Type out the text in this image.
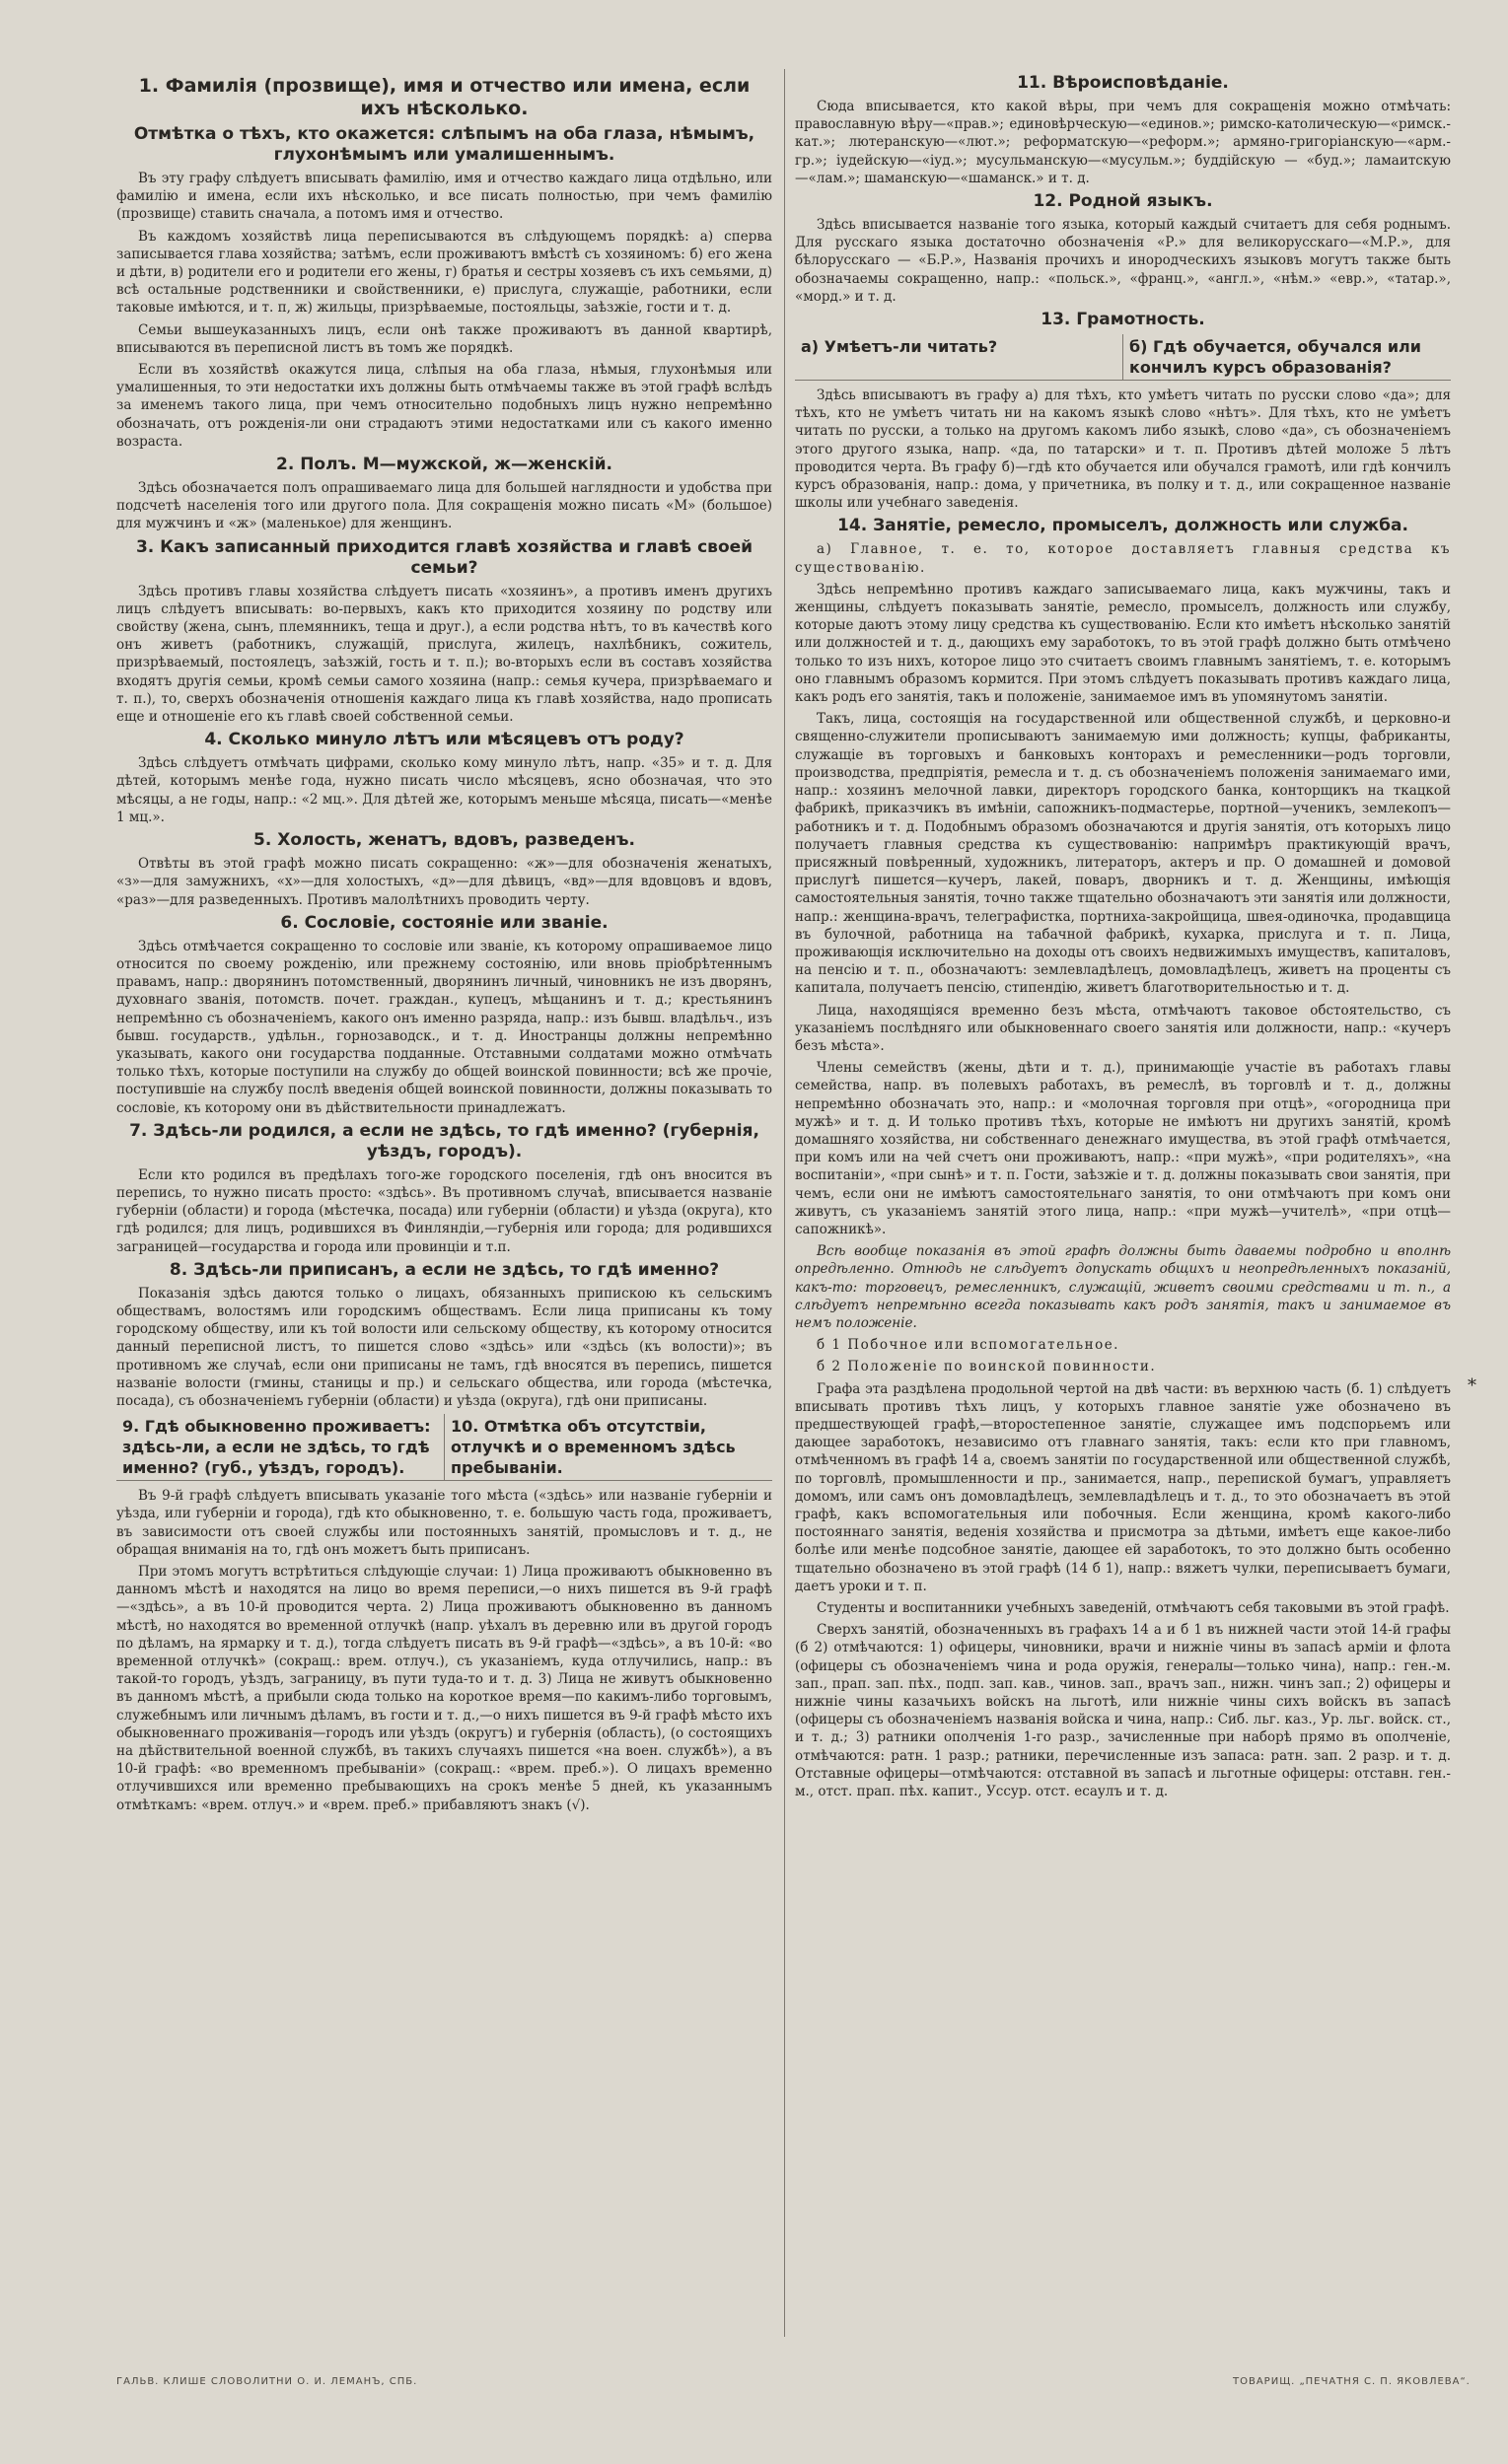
1. Фамилія (прозвище), имя и отчество или имена, если ихъ нѣсколько.
Отмѣтка о тѣхъ, кто окажется: слѣпымъ на оба глаза, нѣмымъ, глухонѣмымъ или умалишеннымъ.

Въ эту графу слѣдуетъ вписывать фамилію, имя и отчество каждаго лица отдѣльно, или фамилію и имена, если ихъ нѣсколько, и все писать полностью, при чемъ фамилію (прозвище) ставить сначала, а потомъ имя и отчество.

Въ каждомъ хозяйствѣ лица переписываются въ слѣдующемъ порядкѣ: а) сперва записывается глава хозяйства; затѣмъ, если проживаютъ вмѣстѣ съ хозяиномъ: б) его жена и дѣти, в) родители его и родители его жены, г) братья и сестры хозяевъ съ ихъ семьями, д) всѣ остальные родственники и свойственники, е) прислуга, служащіе, работники, если таковые имѣются, и т. п, ж) жильцы, призрѣваемые, постояльцы, заѣзжіе, гости и т. д.

Семьи вышеуказанныхъ лицъ, если онѣ также проживаютъ въ данной квартирѣ, вписываются въ переписной листъ въ томъ же порядкѣ.

Если въ хозяйствѣ окажутся лица, слѣпыя на оба глаза, нѣмыя, глухонѣмыя или умалишенныя, то эти недостатки ихъ должны быть отмѣчаемы также въ этой графѣ вслѣдъ за именемъ такого лица, при чемъ относительно подобныхъ лицъ нужно непремѣнно обозначать, отъ рожденія-ли они страдаютъ этими недостатками или съ какого именно возраста.

2. Полъ. М—мужской, ж—женскій.

Здѣсь обозначается полъ опрашиваемаго лица для большей наглядности и удобства при подсчетѣ населенія того или другого пола. Для сокращенія можно писать «М» (большое) для мужчинъ и «ж» (маленькое) для женщинъ.

3. Какъ записанный приходится главѣ хозяйства и главѣ своей семьи?

Здѣсь противъ главы хозяйства слѣдуетъ писать «хозяинъ», а противъ именъ другихъ лицъ слѣдуетъ вписывать: во-первыхъ, какъ кто приходится хозяину по родству или свойству (жена, сынъ, племянникъ, теща и друг.), а если родства нѣтъ, то въ качествѣ кого онъ живетъ (работникъ, служащій, прислуга, жилецъ, нахлѣбникъ, сожитель, призрѣваемый, постоялецъ, заѣзжій, гость и т. п.); во-вторыхъ если въ составъ хозяйства входятъ другія семьи, кромѣ семьи самого хозяина (напр.: семья кучера, призрѣваемаго и т. п.), то, сверхъ обозначенія отношенія каждаго лица къ главѣ хозяйства, надо прописать еще и отношеніе его къ главѣ своей собственной семьи.

4. Сколько минуло лѣтъ или мѣсяцевъ отъ роду?

Здѣсь слѣдуетъ отмѣчать цифрами, сколько кому минуло лѣтъ, напр. «35» и т. д. Для дѣтей, которымъ менѣе года, нужно писать число мѣсяцевъ, ясно обозначая, что это мѣсяцы, а не годы, напр.: «2 мц.». Для дѣтей же, которымъ меньше мѣсяца, писать—«менѣе 1 мц.».

5. Холость, женатъ, вдовъ, разведенъ.

Отвѣты въ этой графѣ можно писать сокращенно: «ж»—для обозначенія женатыхъ, «з»—для замужнихъ, «х»—для холостыхъ, «д»—для дѣвицъ, «вд»—для вдовцовъ и вдовъ, «раз»—для разведенныхъ. Противъ малолѣтнихъ проводить черту.

6. Сословіе, состояніе или званіе.

Здѣсь отмѣчается сокращенно то сословіе или званіе, къ которому опрашиваемое лицо относится по своему рожденію, или прежнему состоянію, или вновь пріобрѣтеннымъ правамъ, напр.: дворянинъ потомственный, дворянинъ личный, чиновникъ не изъ дворянъ, духовнаго званія, потомств. почет. граждан., купецъ, мѣщанинъ и т. д.; крестьянинъ непремѣнно съ обозначеніемъ, какого онъ именно разряда, напр.: изъ бывш. владѣльч., изъ бывш. государств., удѣльн., горнозаводск., и т. д. Иностранцы должны непремѣнно указывать, какого они государства подданные. Отставными солдатами можно отмѣчать только тѣхъ, которые поступили на службу до общей воинской повинности; всѣ же прочіе, поступившіе на службу послѣ введенія общей воинской повинности, должны показывать то сословіе, къ которому они въ дѣйствительности принадлежатъ.

7. Здѣсь-ли родился, а если не здѣсь, то гдѣ именно? (губернія, уѣздъ, городъ).

Если кто родился въ предѣлахъ того-же городского поселенія, гдѣ онъ вносится въ перепись, то нужно писать просто: «здѣсь». Въ противномъ случаѣ, вписывается названіе губерніи (области) и города (мѣстечка, посада) или губерніи (области) и уѣзда (округа), кто гдѣ родился; для лицъ, родившихся въ Финляндіи,—губернія или города; для родившихся заграницей—государства и города или провинціи и т.п.

8. Здѣсь-ли приписанъ, а если не здѣсь, то гдѣ именно?

Показанія здѣсь даются только о лицахъ, обязанныхъ припискою къ сельскимъ обществамъ, волостямъ или городскимъ обществамъ. Если лица приписаны къ тому городскому обществу, или къ той волости или сельскому обществу, къ которому относится данный переписной листъ, то пишется слово «здѣсь» или «здѣсь (къ волости)»; въ противномъ же случаѣ, если они приписаны не тамъ, гдѣ вносятся въ перепись, пишется названіе волости (гмины, станицы и пр.) и сельскаго общества, или города (мѣстечка, посада), съ обозначеніемъ губерніи (области) и уѣзда (округа), гдѣ они приписаны.

9. Гдѣ обыкновенно проживаетъ: здѣсь-ли, а если не здѣсь, то гдѣ именно? (губ., уѣздъ, городъ).
10. Отмѣтка объ отсутствіи, отлучкѣ и о временномъ здѣсь пребываніи.

Въ 9-й графѣ слѣдуетъ вписывать указаніе того мѣста («здѣсь» или названіе губерніи и уѣзда, или губерніи и города), гдѣ кто обыкновенно, т. е. большую часть года, проживаетъ, въ зависимости отъ своей службы или постоянныхъ занятій, промысловъ и т. д., не обращая вниманія на то, гдѣ онъ можетъ быть приписанъ.

При этомъ могутъ встрѣтиться слѣдующіе случаи: 1) Лица проживаютъ обыкновенно въ данномъ мѣстѣ и находятся на лицо во время переписи,—о нихъ пишется въ 9-й графѣ—«здѣсь», а въ 10-й проводится черта. 2) Лица проживаютъ обыкновенно въ данномъ мѣстѣ, но находятся во временной отлучкѣ (напр. уѣхалъ въ деревню или въ другой городъ по дѣламъ, на ярмарку и т. д.), тогда слѣдуетъ писать въ 9-й графѣ—«здѣсь», а въ 10-й: «во временной отлучкѣ» (сокращ.: врем. отлуч.), съ указаніемъ, куда отлучились, напр.: въ такой-то городъ, уѣздъ, заграницу, въ пути туда-то и т. д. 3) Лица не живутъ обыкновенно въ данномъ мѣстѣ, а прибыли сюда только на короткое время—по какимъ-либо торговымъ, служебнымъ или личнымъ дѣламъ, въ гости и т. д.,—о нихъ пишется въ 9-й графѣ мѣсто ихъ обыкновеннаго проживанія—городъ или уѣздъ (округъ) и губернія (область), (о состоящихъ на дѣйствительной военной службѣ, въ такихъ случаяхъ пишется «на воен. службѣ»), а въ 10-й графѣ: «во временномъ пребываніи» (сокращ.: «врем. преб.»). О лицахъ временно отлучившихся или временно пребывающихъ на срокъ менѣе 5 дней, къ указаннымъ отмѣткамъ: «врем. отлуч.» и «врем. преб.» прибавляютъ знакъ (√).

11. Вѣроисповѣданіе.

Сюда вписывается, кто какой вѣры, при чемъ для сокращенія можно отмѣчать: православную вѣру—«прав.»; единовѣрческую—«единов.»; римско-католическую—«римск.-кат.»; лютеранскую—«лют.»; реформатскую—«реформ.»; армяно-григоріанскую—«арм.-гр.»; іудейскую—«іуд.»; мусульманскую—«мусульм.»; буддійскую — «буд.»; ламаитскую—«лам.»; шаманскую—«шаманск.» и т. д.

12. Родной языкъ.

Здѣсь вписывается названіе того языка, который каждый считаетъ для себя роднымъ. Для русскаго языка достаточно обозначенія «Р.» для великорусскаго—«М.Р.», для бѣлорусскаго — «Б.Р.», Названія прочихъ и инородческихъ языковъ могутъ также быть обозначаемы сокращенно, напр.: «польск.», «франц.», «англ.», «нѣм.» «евр.», «татар.», «морд.» и т. д.

13. Грамотность.
а) Умѣетъ-ли читать?	б) Гдѣ обучается, обучался или кончилъ курсъ образованія?

Здѣсь вписываютъ въ графу а) для тѣхъ, кто умѣетъ читать по русски слово «да»; для тѣхъ, кто не умѣетъ читать ни на какомъ языкѣ слово «нѣтъ». Для тѣхъ, кто не умѣетъ читать по русски, а только на другомъ какомъ либо языкѣ, слово «да», съ обозначеніемъ этого другого языка, напр. «да, по татарски» и т. п. Противъ дѣтей моложе 5 лѣтъ проводится черта. Въ графу б)—гдѣ кто обучается или обучался грамотѣ, или гдѣ кончилъ курсъ образованія, напр.: дома, у причетника, въ полку и т. д., или сокращенное названіе школы или учебнаго заведенія.

14. Занятіе, ремесло, промыселъ, должность или служба.

а) Главное, т. е. то, которое доставляетъ главныя средства къ существованію.

Здѣсь непремѣнно противъ каждаго записываемаго лица, какъ мужчины, такъ и женщины, слѣдуетъ показывать занятіе, ремесло, промыселъ, должность или службу, которые даютъ этому лицу средства къ существованію. Если кто имѣетъ нѣсколько занятій или должностей и т. д., дающихъ ему заработокъ, то въ этой графѣ должно быть отмѣчено только то изъ нихъ, которое лицо это считаетъ своимъ главнымъ занятіемъ, т. е. которымъ оно главнымъ образомъ кормится. При этомъ слѣдуетъ показывать противъ каждаго лица, какъ родъ его занятія, такъ и положеніе, занимаемое имъ въ упомянутомъ занятіи.

Такъ, лица, состоящія на государственной или общественной службѣ, и церковно-и священно-служители прописываютъ занимаемую ими должность; купцы, фабриканты, служащіе въ торговыхъ и банковыхъ конторахъ и ремесленники—родъ торговли, производства, предпріятія, ремесла и т. д. съ обозначеніемъ положенія занимаемаго ими, напр.: хозяинъ мелочной лавки, директоръ городского банка, конторщикъ на ткацкой фабрикѣ, приказчикъ въ имѣніи, сапожникъ-подмастерье, портной—ученикъ, землекопъ—работникъ и т. д. Подобнымъ образомъ обозначаются и другія занятія, отъ которыхъ лицо получаетъ главныя средства къ существованію: напримѣръ практикующій врачъ, присяжный повѣренный, художникъ, литераторъ, актеръ и пр. О домашней и домовой прислугѣ пишется—кучеръ, лакей, поваръ, дворникъ и т. д. Женщины, имѣющія самостоятельныя занятія, точно также тщательно обозначаютъ эти занятія или должности, напр.: женщина-врачъ, телеграфистка, портниха-закройщица, швея-одиночка, продавщица въ булочной, работница на табачной фабрикѣ, кухарка, прислуга и т. п. Лица, проживающія исключительно на доходы отъ своихъ недвижимыхъ имуществъ, капиталовъ, на пенсію и т. п., обозначаютъ: землевладѣлецъ, домовладѣлецъ, живетъ на проценты съ капитала, получаетъ пенсію, стипендію, живетъ благотворительностью и т. д.

Лица, находящіяся временно безъ мѣста, отмѣчаютъ таковое обстоятельство, съ указаніемъ послѣдняго или обыкновеннаго своего занятія или должности, напр.: «кучеръ безъ мѣста».

Члены семействъ (жены, дѣти и т. д.), принимающіе участіе въ работахъ главы семейства, напр. въ полевыхъ работахъ, въ ремеслѣ, въ торговлѣ и т. д., должны непремѣнно обозначать это, напр.: и «молочная торговля при отцѣ», «огородница при мужѣ» и т. д. И только противъ тѣхъ, которые не имѣютъ ни другихъ занятій, кромѣ домашняго хозяйства, ни собственнаго денежнаго имущества, въ этой графѣ отмѣчается, при комъ или на чей счетъ они проживаютъ, напр.: «при мужѣ», «при родителяхъ», «на воспитаніи», «при сынѣ» и т. п. Гости, заѣзжіе и т. д. должны показывать свои занятія, при чемъ, если они не имѣютъ самостоятельнаго занятія, то они отмѣчаютъ при комъ они живутъ, съ указаніемъ занятій этого лица, напр.: «при мужѣ—учителѣ», «при отцѣ—сапожникѣ».

Всѣ вообще показанія въ этой графѣ должны быть даваемы подробно и вполнѣ опредѣленно. Отнюдь не слѣдуетъ допускать общихъ и неопредѣленныхъ показаній, какъ-то: торговецъ, ремесленникъ, служащій, живетъ своими средствами и т. п., а слѣдуетъ непремѣнно всегда показывать какъ родъ занятія, такъ и занимаемое въ немъ положеніе.

б 1 Побочное или вспомогательное.

б 2 Положеніе по воинской повинности.

Графа эта раздѣлена продольной чертой на двѣ части: въ верхнюю часть (б. 1) слѣдуетъ вписывать противъ тѣхъ лицъ, у которыхъ главное занятіе уже обозначено въ предшествующей графѣ,—второстепенное занятіе, служащее имъ подспорьемъ или дающее заработокъ, независимо отъ главнаго занятія, такъ: если кто при главномъ, отмѣченномъ въ графѣ 14 а, своемъ занятіи по государственной или общественной службѣ, по торговлѣ, промышленности и пр., занимается, напр., перепиской бумагъ, управляетъ домомъ, или самъ онъ домовладѣлецъ, землевладѣлецъ и т. д., то это обозначаетъ въ этой графѣ, какъ вспомогательныя или побочныя. Если женщина, кромѣ какого-либо постояннаго занятія, веденія хозяйства и присмотра за дѣтьми, имѣетъ еще какое-либо болѣе или менѣе подсобное занятіе, дающее ей заработокъ, то это должно быть особенно тщательно обозначено въ этой графѣ (14 б 1), напр.: вяжетъ чулки, переписываетъ бумаги, даетъ уроки и т. п.

Студенты и воспитанники учебныхъ заведеній, отмѣчаютъ себя таковыми въ этой графѣ.

Сверхъ занятій, обозначенныхъ въ графахъ 14 а и б 1 въ нижней части этой 14-й графы (б 2) отмѣчаются: 1) офицеры, чиновники, врачи и нижніе чины въ запасѣ арміи и флота (офицеры съ обозначеніемъ чина и рода оружія, генералы—только чина), напр.: ген.-м. зап., прап. зап. пѣх., подп. зап. кав., чинов. зап., врачъ зап., нижн. чинъ зап.; 2) офицеры и нижніе чины казачьихъ войскъ на льготѣ, или нижніе чины сихъ войскъ въ запасѣ (офицеры съ обозначеніемъ названія войска и чина, напр.: Сиб. льг. каз., Ур. льг. войск. ст., и т. д.; 3) ратники ополченія 1-го разр., зачисленные при наборѣ прямо въ ополченіе, отмѣчаются: ратн. 1 разр.; ратники, перечисленные изъ запаса: ратн. зап. 2 разр. и т. д. Отставные офицеры—отмѣчаются: отставной въ запасѣ и льготные офицеры: отставн. ген.-м., отст. прап. пѣх. капит., Уссур. отст. есаулъ и т. д.

*
ГАЛЬВ. КЛИШЕ СЛОВОЛИТНИ О. И. ЛЕМАНЪ, СПБ.	ТОВАРИЩ. „ПЕЧАТНЯ С. П. ЯКОВЛЕВА“.
